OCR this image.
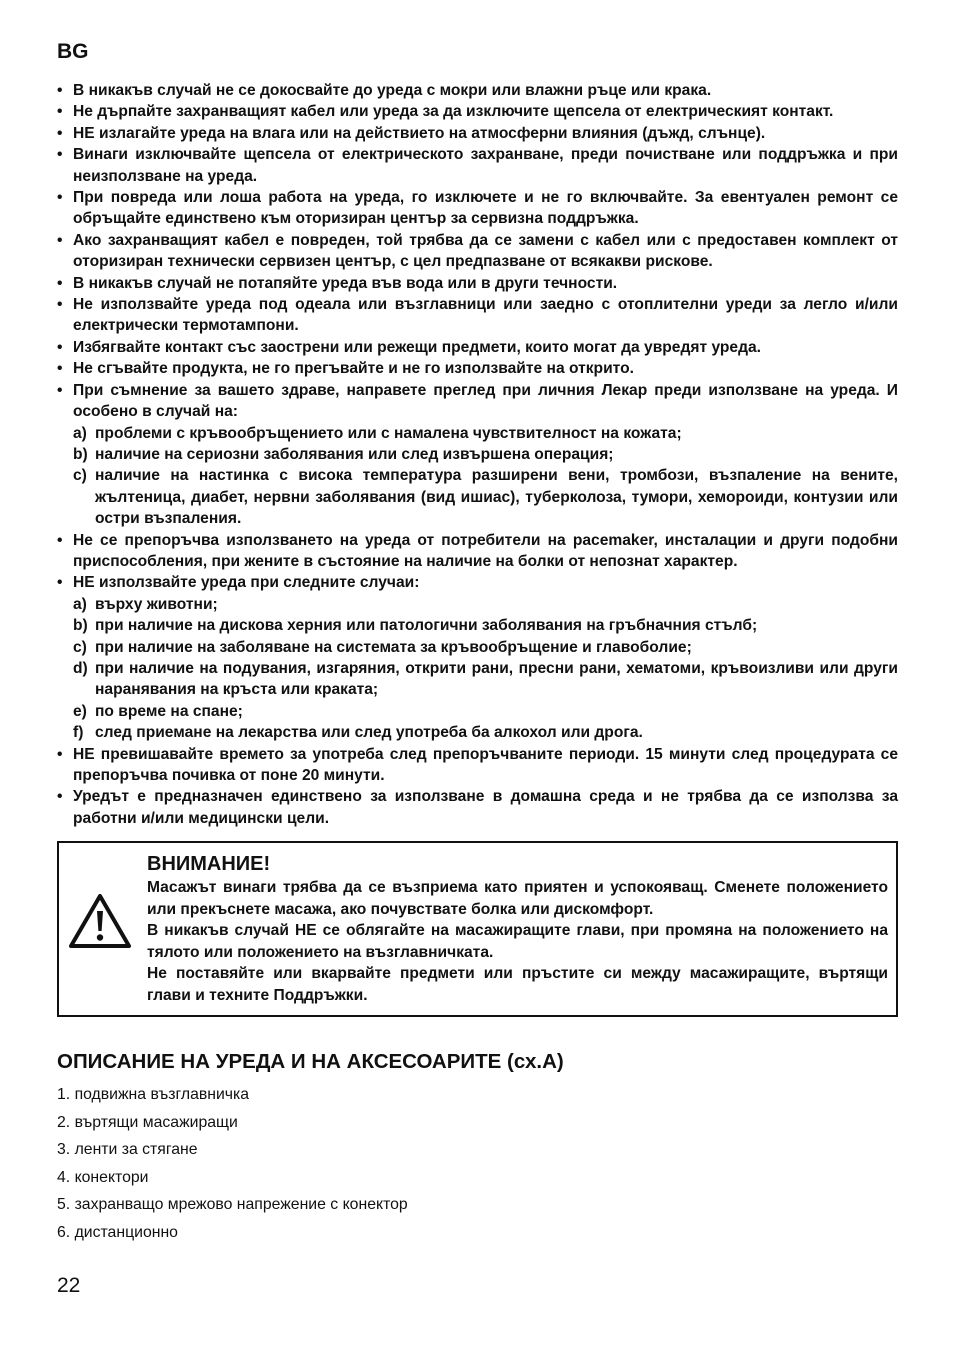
BG
• В никакъв случай не се докосвайте до уреда с мокри или влажни ръце или крака.
• Не дърпайте захранващият кабел или уреда за да изключите щепсела от електрическият контакт.
• НЕ излагайте уреда на влага или на действието на атмосферни влияния (дъжд, слънце).
• Винаги изключвайте щепсела от електрическото захранване, преди почистване или поддръжка и при неизползване на уреда.
• При повреда или лоша работа на уреда, го изключете и не го включвайте. За евентуален ремонт се обръщайте единствено към оторизиран център за сервизна поддръжка.
• Ако захранващият кабел е повреден, той трябва да се замени с кабел или с предоставен комплект от оторизиран технически сервизен център, с цел предпазване от всякакви рискове.
• В никакъв случай не потапяйте уреда във вода или в други течности.
• Не използвайте уреда под одеала или възглавници или заедно с отоплителни уреди за легло и/или електрически термотампони.
• Избягвайте контакт със заострени или режещи предмети, които могат да увредят уреда.
• Не сгъвайте продукта, не го прегъвайте и не го използвайте на открито.
• При съмнение за вашето здраве, направете преглед при личния Лекар преди използване на уреда. И особено в случай на:
a) проблеми с кръвообръщението или с намалена чувствителност на кожата;
b) наличие на сериозни заболявания или след извършена операция;
c) наличие на настинка с висока температура разширени вени, тромбози, възпаление на вените, жълтеница, диабет, нервни заболявания (вид ишиас), туберколоза, тумори, хемороиди, контузии или остри възпаления.
• Не се препоръчва използването на уреда от потребители на pacemaker, инсталации и други подобни приспособления, при жените в състояние на наличие на болки от непознат характер.
• НЕ използвайте уреда при следните случаи:
a) върху животни;
b) при наличие на дискова херния или патологични заболявания на гръбначния стълб;
c) при наличие на заболяване на системата за кръвообръщение и главоболие;
d) при наличие на подувания, изгаряния, открити рани, пресни рани, хематоми, кръвоизливи или други наранявания на кръста или краката;
e) по време на спане;
f) след приемане на лекарства или след употреба ба алкохол или дрога.
• НЕ превишавайте времето за употреба след препоръчваните периоди. 15 минути след процедурата се препоръчва почивка от поне 20 минути.
• Уредът е предназначен единствено за използване в домашна среда и не трябва да се използва за работни и/или медицински цели.
ВНИМАНИЕ!

Масажът винаги трябва да се възприема като приятен и успокояващ. Сменете положението или прекъснете масажа, ако почувствате болка или дискомфорт.

В никакъв случай НЕ се облягайте на масажиращите глави, при промяна на положението на тялото или положението на възглавничката.

Не поставяйте или вкарвайте предмети или пръстите си между масажиращите, въртящи глави и техните Поддръжки.

ОПИСАНИЕ НА УРЕДА И НА АКСЕСОАРИТЕ (сх.А)
1. подвижна възглавничка
2. въртящи масажиращи
3. ленти за стягане
4. конектори
5. захранващо мрежово напрежение с конектор
6. дистанционно

22
